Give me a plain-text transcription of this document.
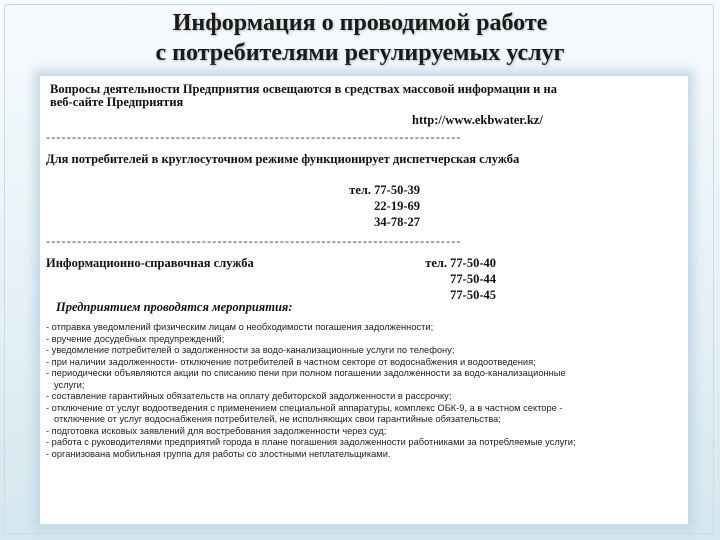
Информация о проводимой работе
с потребителями регулируемых услуг
Вопросы деятельности Предприятия освещаются в средствах массовой информации и на
веб-сайте Предприятия
http://www.ekbwater.kz/
--------------------------------------------------------------------------------
Для потребителей в круглосуточном режиме функционирует диспетчерская служба
тел. 77-50-39
22-19-69
34-78-27
--------------------------------------------------------------------------------
Информационно-справочная служба	тел. 77-50-40
77-50-44
77-50-45
Предприятием проводятся мероприятия:
- отправка уведомлений физическим лицам о необходимости погашения задолженности;
- вручение досудебных предупреждений;
- уведомление потребителей о задолженности за водо-канализационные услуги по телефону;
- при наличии задолженности- отключение потребителей в частном секторе от водоснабжения и водоотведения;
- периодически объявляются акции по списанию пени при полном погашении задолженности за водо-канализационные
услуги;
- составление гарантийных обязательств на оплату дебиторской задолженности в рассрочку;
- отключение от услуг водоотведения с применением специальной аппаратуры, комплекс ОБК-9, а в частном секторе -
отключение от услуг водоснабжения потребителей, не исполняющих свои гарантийные обязательства;
- подготовка исковых заявлений для востребования задолженности через суд;
- работа с руководителями предприятий города в плане погашения задолженности работниками за потребляемые услуги;
- организована мобильная группа для работы со злостными неплательщиками.
